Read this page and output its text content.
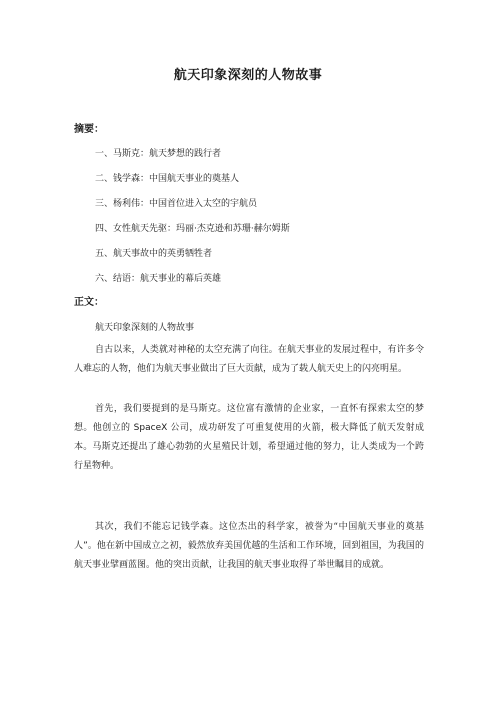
航天印象深刻的人物故事
摘要：
一、马斯克：航天梦想的践行者
二、钱学森：中国航天事业的奠基人
三、杨利伟：中国首位进入太空的宇航员
四、女性航天先驱：玛丽·杰克逊和苏珊·赫尔姆斯
五、航天事故中的英勇牺牲者
六、结语：航天事业的幕后英雄
正文：
航天印象深刻的人物故事
自古以来，人类就对神秘的太空充满了向往。在航天事业的发展过程中，有许多令人难忘的人物，他们为航天事业做出了巨大贡献，成为了载人航天史上的闪亮明星。
首先，我们要提到的是马斯克。这位富有激情的企业家，一直怀有探索太空的梦想。他创立的 SpaceX 公司，成功研发了可重复使用的火箭，极大降低了航天发射成本。马斯克还提出了雄心勃勃的火星殖民计划，希望通过他的努力，让人类成为一个跨行星物种。
其次，我们不能忘记钱学森。这位杰出的科学家，被誉为“中国航天事业的奠基人”。他在新中国成立之初，毅然放弃美国优越的生活和工作环境，回到祖国，为我国的航天事业擘画蓝图。他的突出贡献，让我国的航天事业取得了举世瞩目的成就。
